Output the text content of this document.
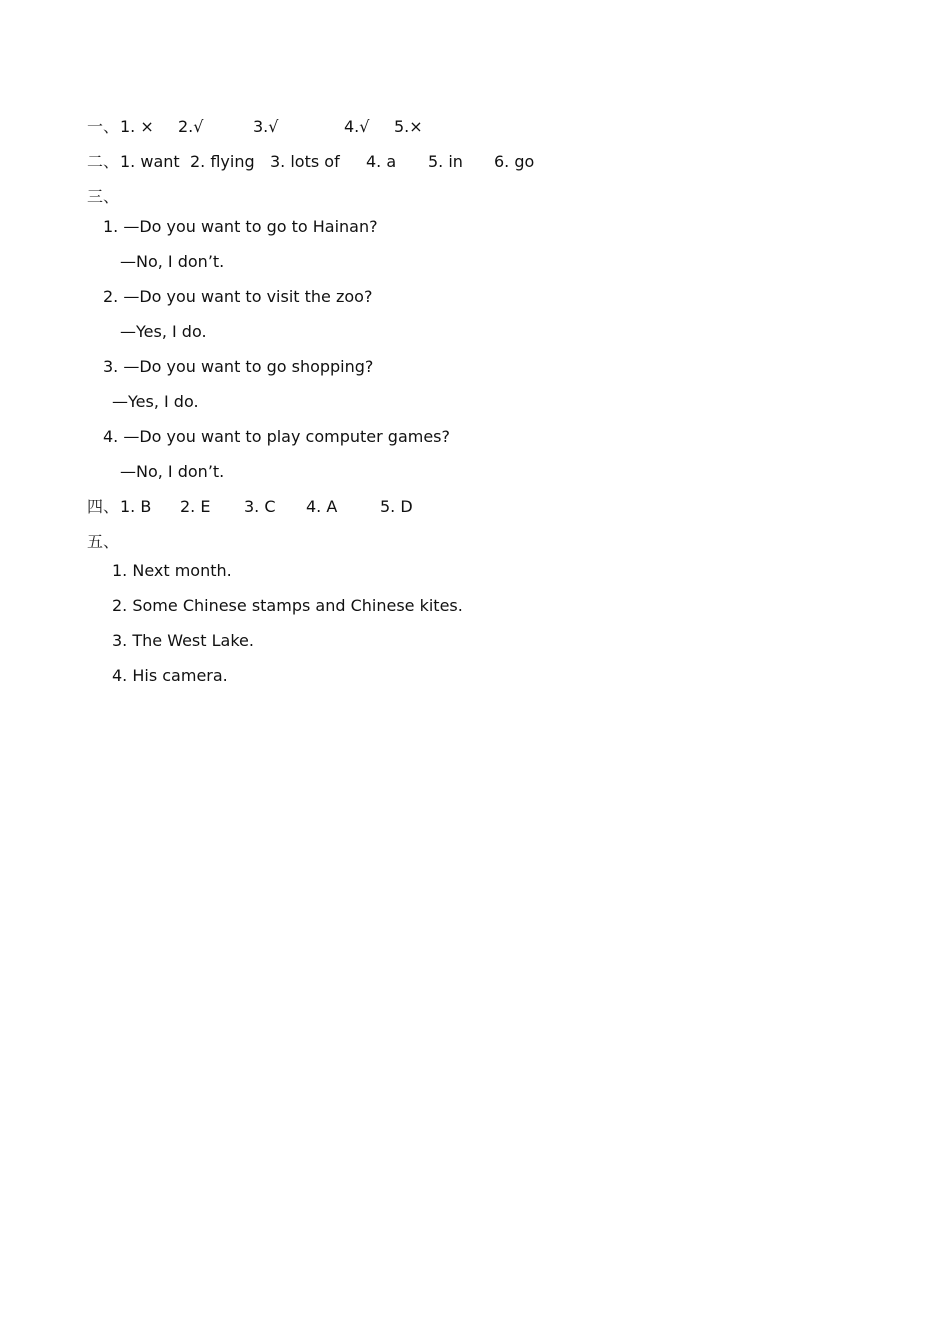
一、 1. × 2.√	3.√	4.√ 5.×
二、 1. want 2. flying 3. lots of 4. a 5. in 6. go
三、
1. —Do you want to go to Hainan?
—No, I don’t.
2. —Do you want to visit the zoo?
—Yes, I do.
3. —Do you want to go shopping?
—Yes, I do.
4. —Do you want to play computer games?
—No, I don’t.
四、 1. B 2. E 3. C 4. A	5. D
五、
1. Next month.
2. Some Chinese stamps and Chinese kites.
3. The West Lake.
4. His camera.
